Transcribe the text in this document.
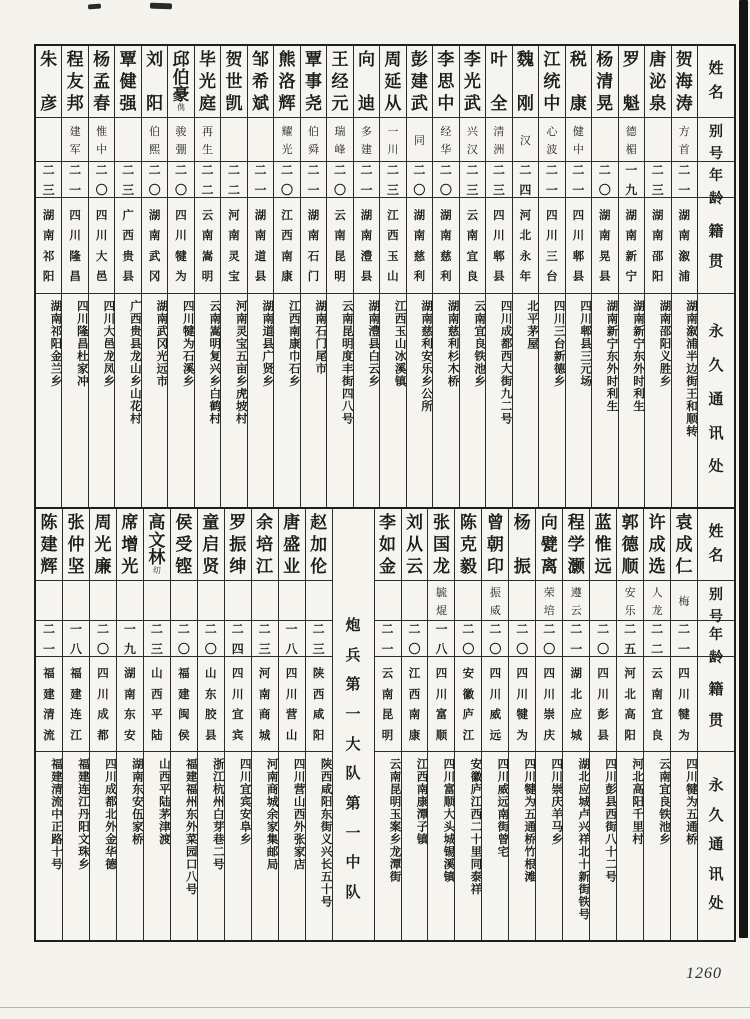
姓
名
别
号
年
龄
籍
贯
永
久
通
讯
处
贺
海
涛
方
首
二
一
湖
南
溆
浦
湖南溆浦半边街王和顺转
唐
泌
泉
二
三
湖
南
邵
阳
湖南邵阳义胜乡
罗
魁
德
楣
一
九
湖
南
新
宁
湖南新宁东外时利生
杨
清
晃
二
〇
湖
南
晃
县
湖南新宁东外时利生
税
康
健
中
二
一
四
川
郫
县
四川郫县三元场
江
统
中
心
波
二
一
四
川
三
台
四川三台新德乡
魏
刚
汉
二
四
河
北
永
年
北平茅屋
叶
全
清
洲
二
三
四
川
郫
县
四川成都西大街九二号
李
光
武
兴
汉
二
三
云
南
宜
良
云南宜良铁池乡
李
思
中
经
华
二
〇
湖
南
慈
利
湖南慈利杉木桥
彭
建
武
同
二
〇
湖
南
慈
利
湖南慈利安乐乡公所
周
延
从
一
川
二
三
江
西
玉
山
江西玉山冰溪镇
向
迪
多
建
二
一
湖
南
澧
县
湖南澧县白云乡
王
经
元
瑞
峰
二
〇
云
南
昆
明
云南昆明度丰街四八号
覃
事
尧
伯
舜
二
一
湖
南
石
门
湖南石门尾市
熊
洛
辉
耀
光
二
〇
江
西
南
康
江西南康巾石乡
邹
希
斌
二
一
湖
南
道
县
湖南道县广贤乡
贺
世
凯
二
二
河
南
灵
宝
河南灵宝五亩乡虎坡村
毕
光
庭
再
生
二
二
云
南
嵩
明
云南嵩明复兴乡白鹤村
邱
伯
豪
㑺
骏
弸
二
〇
四
川
犍
为
四川犍为石溪乡
刘
阳
伯
熙
二
〇
湖
南
武
冈
湖南武冈光远市
覃
健
强
二
三
广
西
贵
县
广西贵县龙山乡山花村
杨
孟
春
惟
中
二
〇
四
川
大
邑
四川大邑龙凤乡
程
友
邦
建
军
二
一
四
川
隆
昌
四川隆昌杜家冲
朱
彦
二
三
湖
南
祁
阳
湖南祁阳金兰乡
姓
名
别
号
年
龄
籍
贯
永
久
通
讯
处
袁
成
仁
梅
二
一
四
川
犍
为
四川犍为五通桥
许
成
选
人
龙
二
二
云
南
宜
良
云南宜良铁池乡
郭
德
顺
安
乐
二
五
河
北
高
阳
河北高阳千里村
蓝
惟
远
二
〇
四
川
彭
县
四川彭县西街八十二号
程
学
灏
遵
云
二
一
湖
北
应
城
湖北应城卢兴祥北十新街铁号
向
甓
离
荣
培
二
〇
四
川
崇
庆
四川崇庆羊马乡
杨
振
二
〇
四
川
犍
为
四川犍为五通桥竹根滩
曾
朝
印
振
威
二
〇
四
川
威
远
四川威远南街曾宅
陈
克
毅
二
〇
安
徽
庐
江
安徽庐江西二十里同泰祥
张
国
龙
毓
焜
一
八
四
川
富
顺
四川富顺大头城锡溪镇
刘
从
云
二
〇
江
西
南
康
江西南康潭子镇
李
如
金
二
一
云
南
昆
明
云南昆明玉案乡龙潭街
炮
兵
第
一
大
队
第
一
中
队
赵
加
伦
二
三
陕
西
咸
阳
陕西咸阳东街义兴长五十号
唐
盛
业
一
八
四
川
营
山
四川营山西外张家店
余
培
江
二
三
河
南
商
城
河南商城余家集邮局
罗
振
绅
二
四
四
川
宜
宾
四川宜宾安阜乡
童
启
贤
二
〇
山
东
胶
县
浙江杭州白芽巷二号
侯
受
铿
二
〇
福
建
闽
侯
福建福州东外菜园口八号
高
文
林
㓜
二
三
山
西
平
陆
山西平陆茅津渡
席
增
光
一
九
湖
南
东
安
湖南东安伍家桥
周
光
廉
二
〇
四
川
成
都
四川成都北外金华德
张
仲
坚
一
八
福
建
连
江
福建连江丹阳文珠乡
陈
建
辉
二
一
福
建
清
流
福建清流中正路十号
1260
